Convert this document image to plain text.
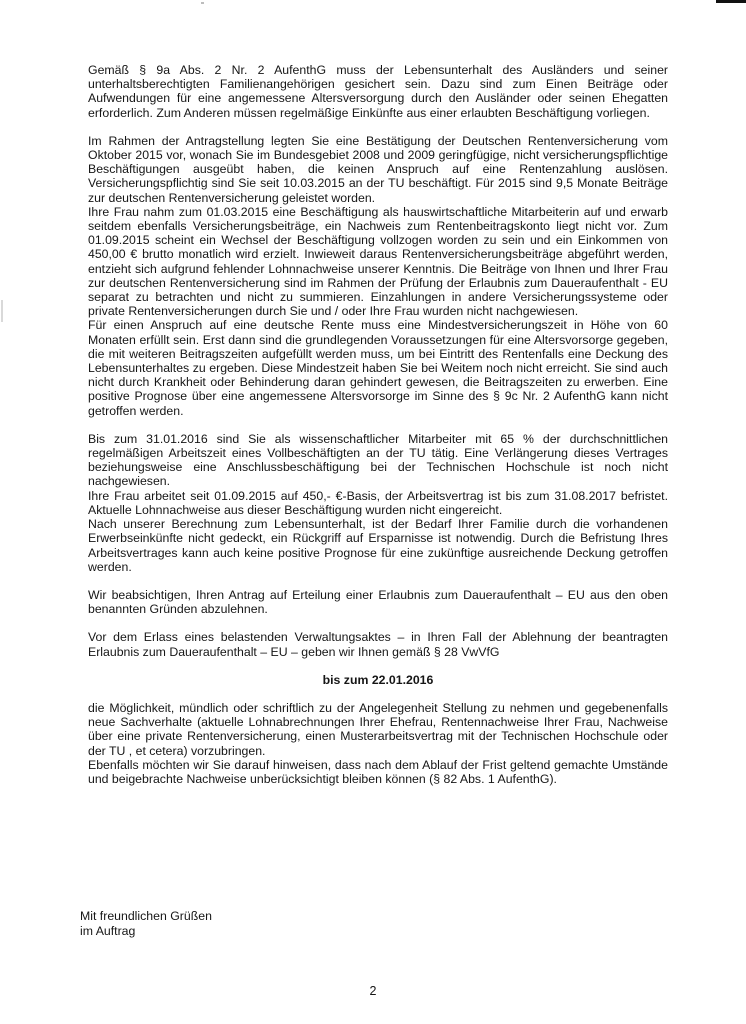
Gemäß § 9a Abs. 2 Nr. 2 AufenthG muss der Lebensunterhalt des Ausländers und seiner unterhaltsberechtigten Familienangehörigen gesichert sein. Dazu sind zum Einen Beiträge oder Aufwendungen für eine angemessene Altersversorgung durch den Ausländer oder seinen Ehegatten erforderlich. Zum Anderen müssen regelmäßige Einkünfte aus einer erlaubten Beschäftigung vorliegen.

Im Rahmen der Antragstellung legten Sie eine Bestätigung der Deutschen Rentenversicherung vom Oktober 2015 vor, wonach Sie im Bundesgebiet 2008 und 2009 geringfügige, nicht versicherungspflichtige Beschäftigungen ausgeübt haben, die keinen Anspruch auf eine Rentenzahlung auslösen. Versicherungspflichtig sind Sie seit 10.03.2015 an der TU beschäftigt. Für 2015 sind 9,5 Monate Beiträge zur deutschen Rentenversicherung geleistet worden.

Ihre Frau nahm zum 01.03.2015 eine Beschäftigung als hauswirtschaftliche Mitarbeiterin auf und erwarb seitdem ebenfalls Versicherungsbeiträge, ein Nachweis zum Rentenbeitragskonto liegt nicht vor. Zum 01.09.2015 scheint ein Wechsel der Beschäftigung vollzogen worden zu sein und ein Einkommen von 450,00 € brutto monatlich wird erzielt. Inwieweit daraus Rentenversicherungsbeiträge abgeführt werden, entzieht sich aufgrund fehlender Lohnnachweise unserer Kenntnis. Die Beiträge von Ihnen und Ihrer Frau zur deutschen Rentenversicherung sind im Rahmen der Prüfung der Erlaubnis zum Daueraufenthalt - EU separat zu betrachten und nicht zu summieren. Einzahlungen in andere Versicherungssysteme oder private Rentenversicherungen durch Sie und / oder Ihre Frau wurden nicht nachgewiesen.

Für einen Anspruch auf eine deutsche Rente muss eine Mindestversicherungszeit in Höhe von 60 Monaten erfüllt sein. Erst dann sind die grundlegenden Voraussetzungen für eine Altersvorsorge gegeben, die mit weiteren Beitragszeiten aufgefüllt werden muss, um bei Eintritt des Rentenfalls eine Deckung des Lebensunterhaltes zu ergeben. Diese Mindestzeit haben Sie bei Weitem noch nicht erreicht. Sie sind auch nicht durch Krankheit oder Behinderung daran gehindert gewesen, die Beitragszeiten zu erwerben. Eine positive Prognose über eine angemessene Altersvorsorge im Sinne des § 9c Nr. 2 AufenthG kann nicht getroffen werden.

Bis zum 31.01.2016 sind Sie als wissenschaftlicher Mitarbeiter mit 65 % der durchschnittlichen regelmäßigen Arbeitszeit eines Vollbeschäftigten an der TU tätig. Eine Verlängerung dieses Vertrages beziehungsweise eine Anschlussbeschäftigung bei der Technischen Hochschule ist noch nicht nachgewiesen.

Ihre Frau arbeitet seit 01.09.2015 auf 450,- €-Basis, der Arbeitsvertrag ist bis zum 31.08.2017 befristet. Aktuelle Lohnnachweise aus dieser Beschäftigung wurden nicht eingereicht.

Nach unserer Berechnung zum Lebensunterhalt, ist der Bedarf Ihrer Familie durch die vorhandenen Erwerbseinkünfte nicht gedeckt, ein Rückgriff auf Ersparnisse ist notwendig. Durch die Befristung Ihres Arbeitsvertrages kann auch keine positive Prognose für eine zukünftige ausreichende Deckung getroffen werden.

Wir beabsichtigen, Ihren Antrag auf Erteilung einer Erlaubnis zum Daueraufenthalt – EU aus den oben benannten Gründen abzulehnen.

Vor dem Erlass eines belastenden Verwaltungsaktes – in Ihren Fall der Ablehnung der beantragten Erlaubnis zum Daueraufenthalt – EU – geben wir Ihnen gemäß § 28 VwVfG

bis zum 22.01.2016

die Möglichkeit, mündlich oder schriftlich zu der Angelegenheit Stellung zu nehmen und gegebenenfalls neue Sachverhalte (aktuelle Lohnabrechnungen Ihrer Ehefrau, Rentennachweise Ihrer Frau, Nachweise über eine private Rentenversicherung, einen Musterarbeitsvertrag mit der Technischen Hochschule oder der TU , et cetera) vorzubringen.

Ebenfalls möchten wir Sie darauf hinweisen, dass nach dem Ablauf der Frist geltend gemachte Umstände und beigebrachte Nachweise unberücksichtigt bleiben können (§ 82 Abs. 1 AufenthG).

Mit freundlichen Grüßen
im Auftrag
2
